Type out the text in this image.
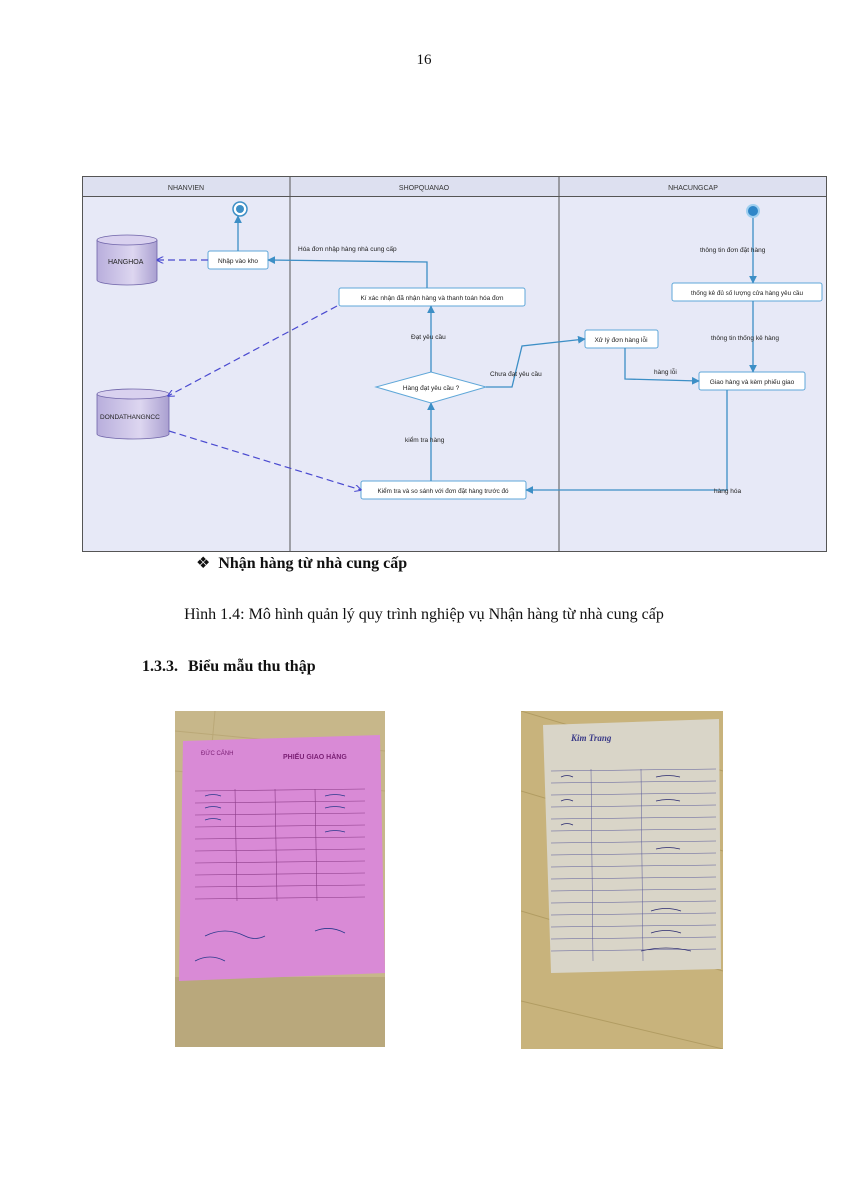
16
NHANVIEN	SHOPQUANAO	NHACUNGCAP
HANGHOA
DONDATHANGNCC
Nhập vào kho
Kí xác nhận đã nhận hàng và thanh toán hóa đơn
Hàng đạt yêu cầu ?
Kiểm tra và so sánh với đơn đặt hàng trước đó
Xử lý đơn hàng lỗi
thống kê đủ số lượng cửa hàng yêu cầu
Giao hàng và kèm phiếu giao
Hóa đơn nhập hàng nhà cung cấp
Đạt yêu cầu
Chưa đạt yêu cầu
kiểm tra hàng
hàng lỗi
thông tin đơn đặt hàng
thông tin thống kê hàng
hàng hóa
❖ Nhận hàng từ nhà cung cấp
Hình 1.4: Mô hình quản lý quy trình nghiệp vụ Nhận hàng từ nhà cung cấp
1.3.3. Biểu mẫu thu thập
ĐỨC CẢNH	PHIẾU GIAO HÀNG
Kim Trang
